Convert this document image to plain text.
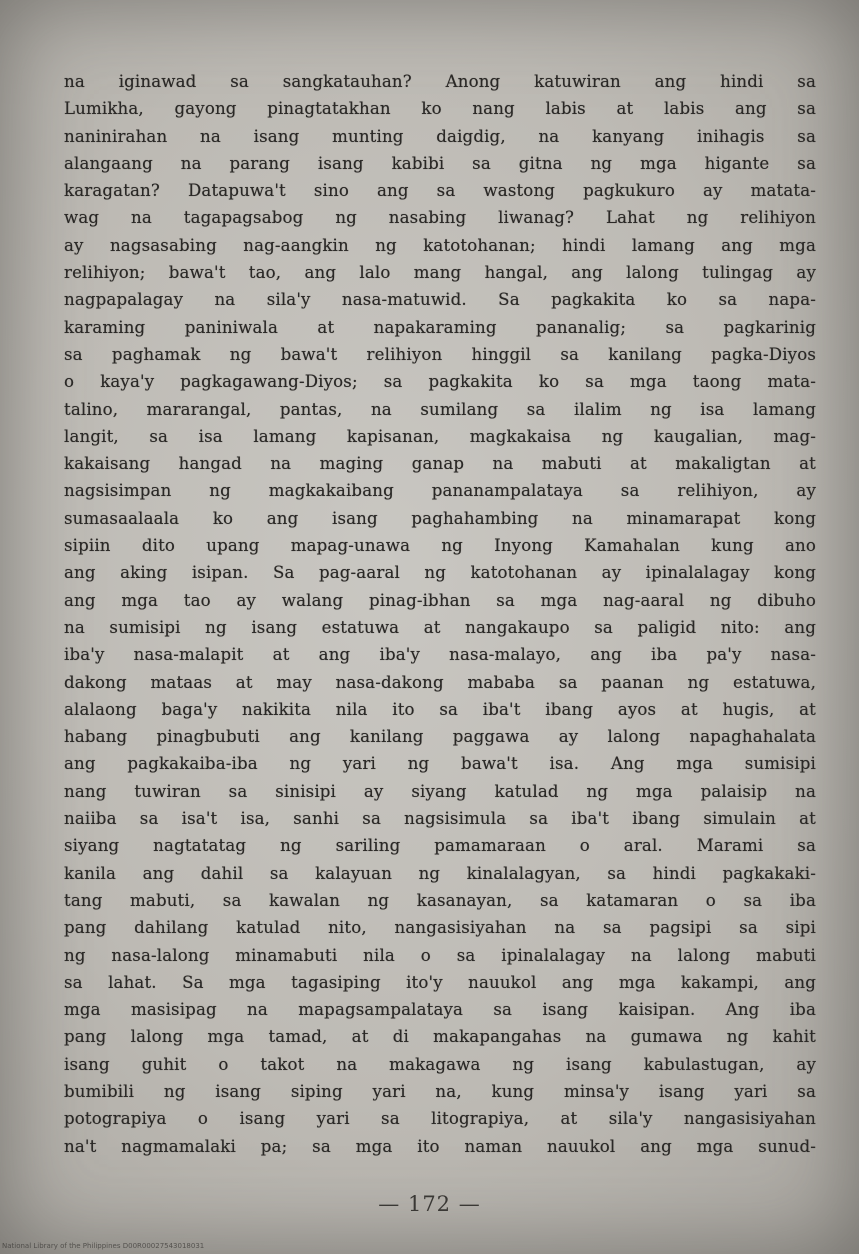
na iginawad sa sangkatauhan? Anong katuwiran ang hindi sa
Lumikha, gayong pinagtatakhan ko nang labis at labis ang sa
naninirahan na isang munting daigdig, na kanyang inihagis sa
alangaang na parang isang kabibi sa gitna ng mga higante sa
karagatan? Datapuwa't sino ang sa wastong pagkukuro ay matata-
wag na tagapagsabog ng nasabing liwanag? Lahat ng relihiyon
ay nagsasabing nag-aangkin ng katotohanan; hindi lamang ang mga
relihiyon; bawa't tao, ang lalo mang hangal, ang lalong tulingag ay
nagpapalagay na sila'y nasa-matuwid. Sa pagkakita ko sa napa-
karaming paniniwala at napakaraming pananalig; sa pagkarinig
sa paghamak ng bawa't relihiyon hinggil sa kanilang pagka-Diyos
o kaya'y pagkagawang-Diyos; sa pagkakita ko sa mga taong mata-
talino, mararangal, pantas, na sumilang sa ilalim ng isa lamang
langit, sa isa lamang kapisanan, magkakaisa ng kaugalian, mag-
kakaisang hangad na maging ganap na mabuti at makaligtan at
nagsisimpan ng magkakaibang pananampalataya sa relihiyon, ay
sumasaalaala ko ang isang paghahambing na minamarapat kong
sipiin dito upang mapag-unawa ng Inyong Kamahalan kung ano
ang aking isipan. Sa pag-aaral ng katotohanan ay ipinalalagay kong
ang mga tao ay walang pinag-ibhan sa mga nag-aaral ng dibuho
na sumisipi ng isang estatuwa at nangakaupo sa paligid nito: ang
iba'y nasa-malapit at ang iba'y nasa-malayo, ang iba pa'y nasa-
dakong mataas at may nasa-dakong mababa sa paanan ng estatuwa,
alalaong baga'y nakikita nila ito sa iba't ibang ayos at hugis, at
habang pinagbubuti ang kanilang paggawa ay lalong napaghahalata
ang pagkakaiba-iba ng yari ng bawa't isa. Ang mga sumisipi
nang tuwiran sa sinisipi ay siyang katulad ng mga palaisip na
naiiba sa isa't isa, sanhi sa nagsisimula sa iba't ibang simulain at
siyang nagtatatag ng sariling pamamaraan o aral. Marami sa
kanila ang dahil sa kalayuan ng kinalalagyan, sa hindi pagkakaki-
tang mabuti, sa kawalan ng kasanayan, sa katamaran o sa iba
pang dahilang katulad nito, nangasisiyahan na sa pagsipi sa sipi
ng nasa-lalong minamabuti nila o sa ipinalalagay na lalong mabuti
sa lahat. Sa mga tagasiping ito'y nauukol ang mga kakampi, ang
mga masisipag na mapagsampalataya sa isang kaisipan. Ang iba
pang lalong mga tamad, at di makapangahas na gumawa ng kahit
isang guhit o takot na makagawa ng isang kabulastugan, ay
bumibili ng isang siping yari na, kung minsa'y isang yari sa
potograpiya o isang yari sa litograpiya, at sila'y nangasisiyahan
na't nagmamalaki pa; sa mga ito naman nauukol ang mga sunud-
— 172 —
National Library of the Philippines D00R00027543018031
